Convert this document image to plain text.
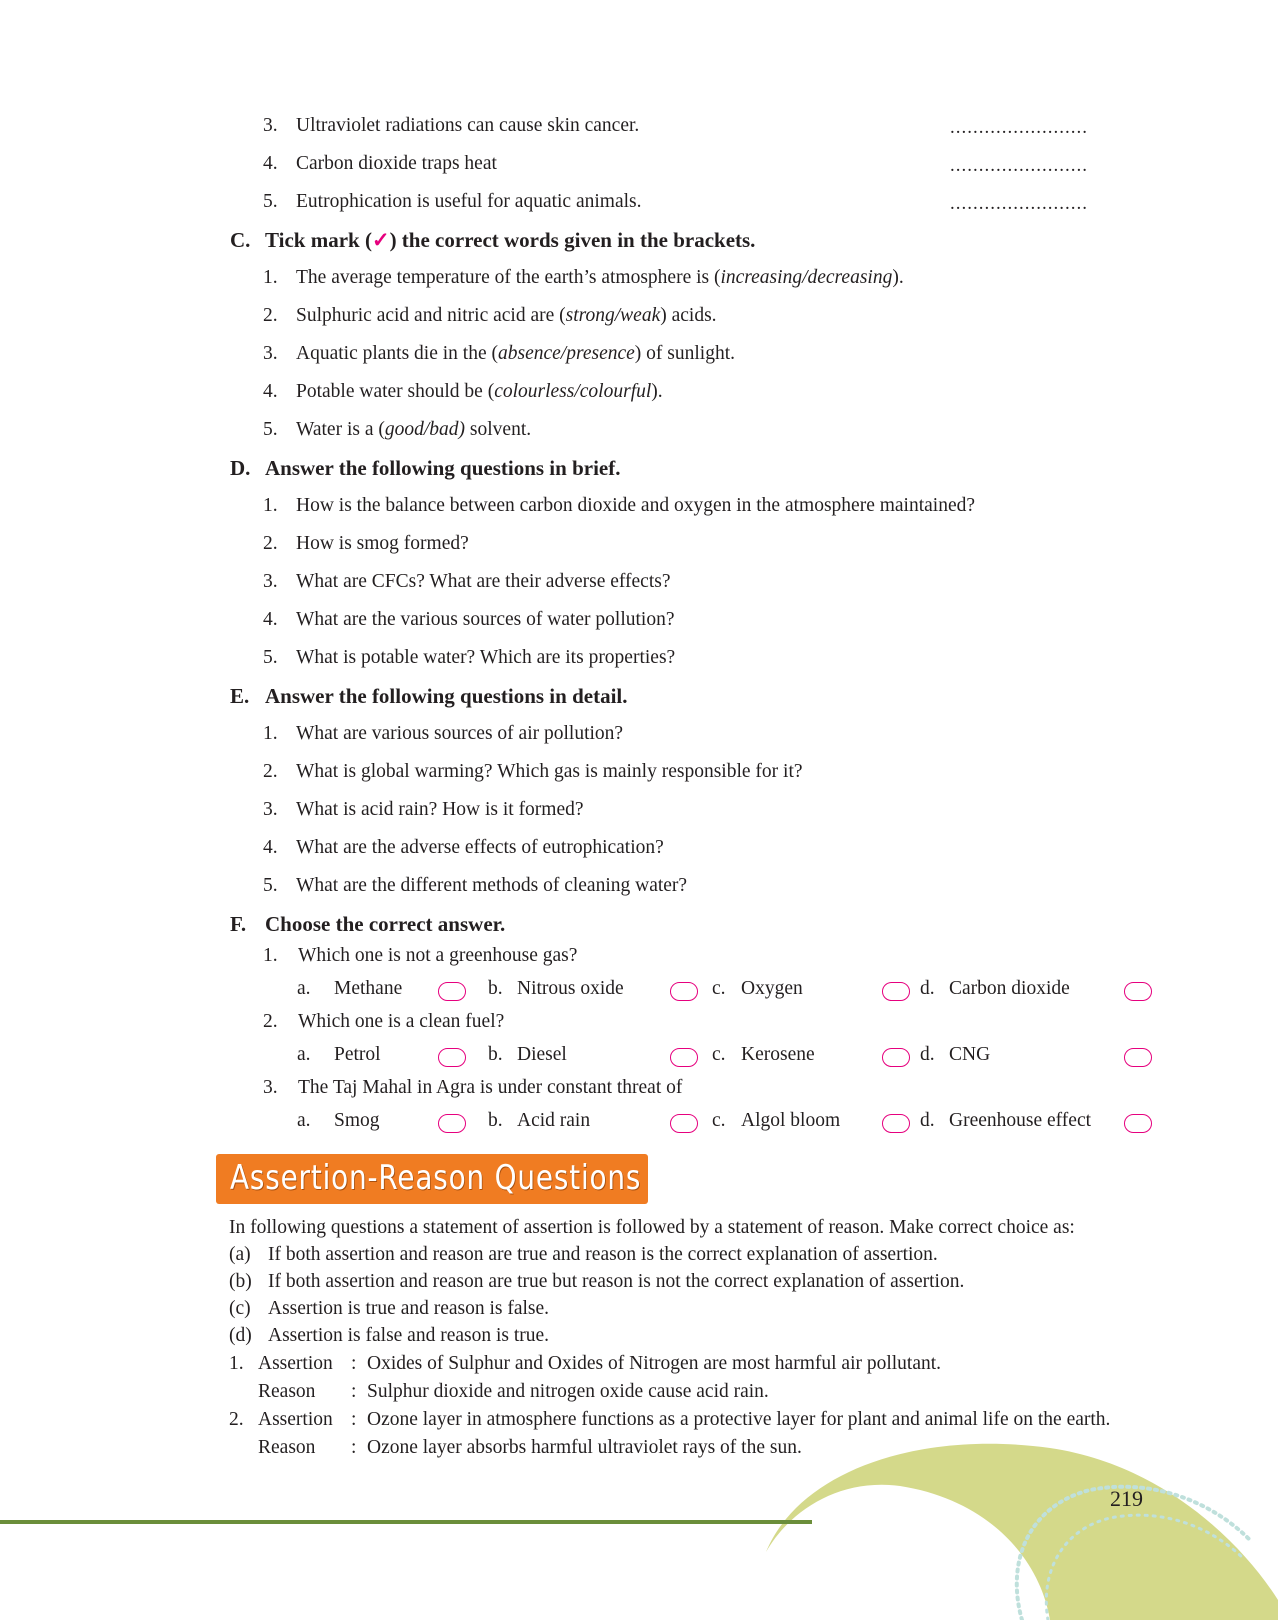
3. Ultraviolet radiations can cause skin cancer.	........................
4. Carbon dioxide traps heat	........................
5. Eutrophication is useful for aquatic animals.	........................
C. Tick mark (✓) the correct words given in the brackets.
1. The average temperature of the earth’s atmosphere is (increasing/decreasing).
2. Sulphuric acid and nitric acid are (strong/weak) acids.
3. Aquatic plants die in the (absence/presence) of sunlight.
4. Potable water should be (colourless/colourful).
5. Water is a (good/bad) solvent.
D. Answer the following questions in brief.
1. How is the balance between carbon dioxide and oxygen in the atmosphere maintained?
2. How is smog formed?
3. What are CFCs? What are their adverse effects?
4. What are the various sources of water pollution?
5. What is potable water? Which are its properties?
E. Answer the following questions in detail.
1. What are various sources of air pollution?
2. What is global warming? Which gas is mainly responsible for it?
3. What is acid rain? How is it formed?
4. What are the adverse effects of eutrophication?
5. What are the different methods of cleaning water?
F. Choose the correct answer.
1. Which one is not a greenhouse gas?
a. Methane	b. Nitrous oxide	c. Oxygen	d. Carbon dioxide
2. Which one is a clean fuel?
a. Petrol	b. Diesel	c. Kerosene	d. CNG
3. The Taj Mahal in Agra is under constant threat of
a. Smog	b. Acid rain	c. Algol bloom	d. Greenhouse effect
Assertion-Reason Questions
In following questions a statement of assertion is followed by a statement of reason. Make correct choice as:
(a) If both assertion and reason are true and reason is the correct explanation of assertion.
(b) If both assertion and reason are true but reason is not the correct explanation of assertion.
(c) Assertion is true and reason is false.
(d) Assertion is false and reason is true.
1. Assertion : Oxides of Sulphur and Oxides of Nitrogen are most harmful air pollutant.
Reason : Sulphur dioxide and nitrogen oxide cause acid rain.
2. Assertion : Ozone layer in atmosphere functions as a protective layer for plant and animal life on the earth.
Reason : Ozone layer absorbs harmful ultraviolet rays of the sun.
219
